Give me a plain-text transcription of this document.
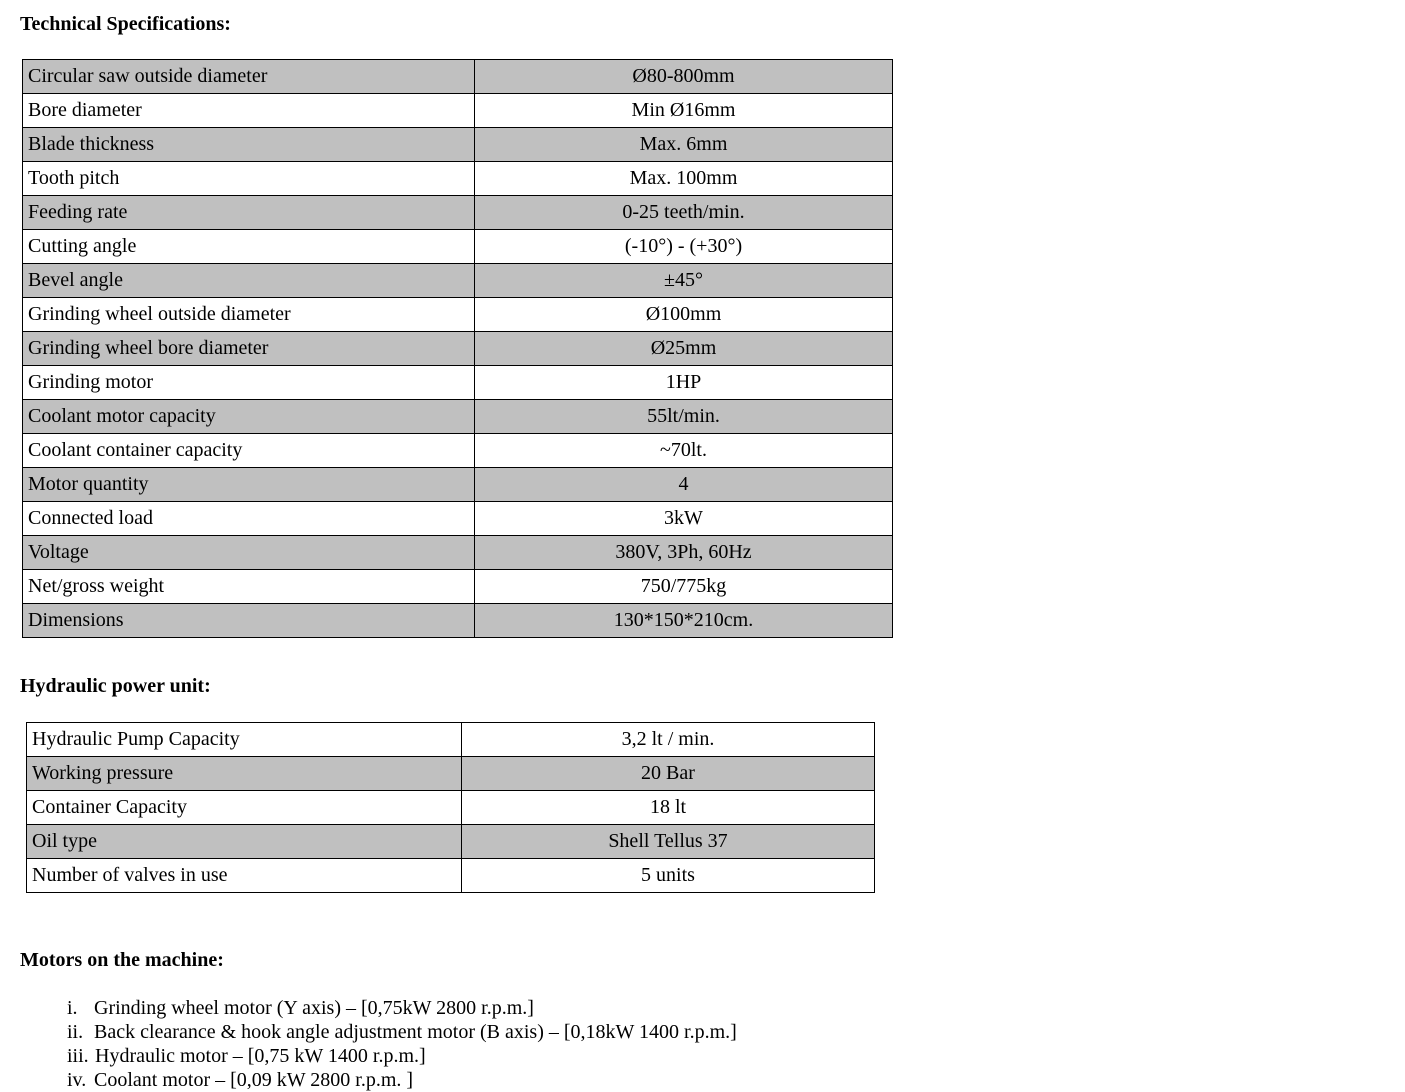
Technical Specifications:
Circular saw outside diameter	Ø80-800mm
Bore diameter	Min Ø16mm
Blade thickness	Max. 6mm
Tooth pitch	Max. 100mm
Feeding rate	0-25 teeth/min.
Cutting angle	(-10°) - (+30°)
Bevel angle	±45°
Grinding wheel outside diameter	Ø100mm
Grinding wheel bore diameter	Ø25mm
Grinding motor	1HP
Coolant motor capacity	55lt/min.
Coolant container capacity	~70lt.
Motor quantity	4
Connected load	3kW
Voltage	380V, 3Ph, 60Hz
Net/gross weight	750/775kg
Dimensions	130*150*210cm.
Hydraulic power unit:
Hydraulic Pump Capacity	3,2 lt / min.
Working pressure	20 Bar
Container Capacity	18 lt
Oil type	Shell Tellus 37
Number of valves in use	5 units
Motors on the machine:
i. Grinding wheel motor (Y axis) – [0,75kW 2800 r.p.m.]
ii. Back clearance & hook angle adjustment motor (B axis) – [0,18kW 1400 r.p.m.]
iii. Hydraulic motor – [0,75 kW 1400 r.p.m.]
iv. Coolant motor – [0,09 kW 2800 r.p.m. ]
